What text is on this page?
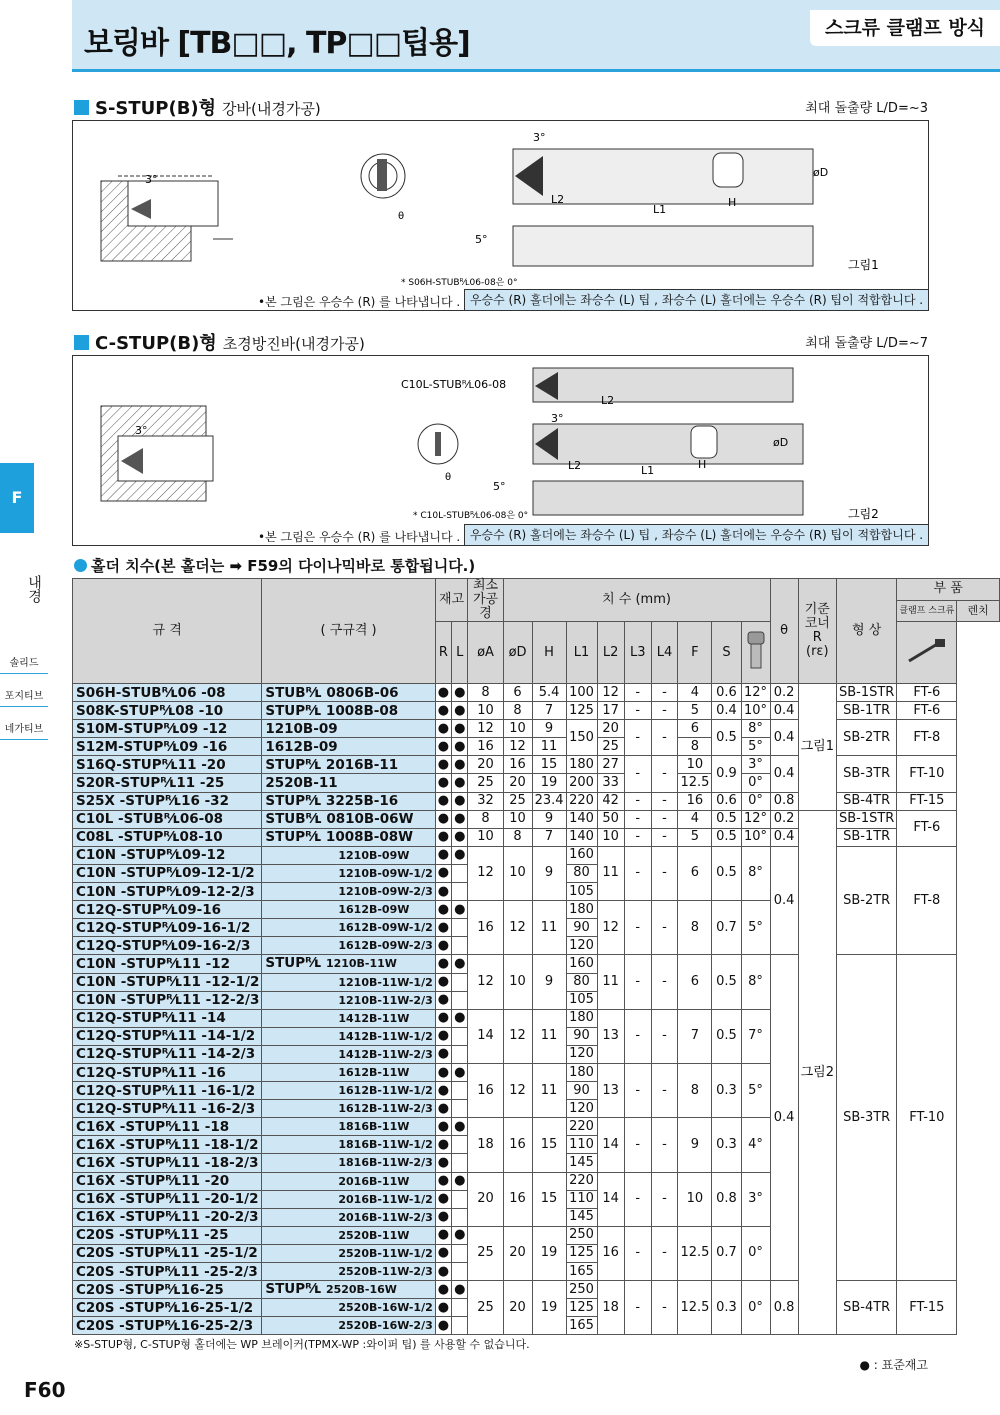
보링바 [TB□□, TP□□팁용]	스크류 클램프 방식
F
내경
솔리드
포지티브
네가티브
S-STUP(B)형 강바(내경가공)	최대 돌출량 L/D=~3
3°
θ
L1
L2	H
øD
3°
5°
그림1
* S06H-STUBᴿ⁄ʟ06-08은 0°
•본 그림은 우승수 (R) 를 나타냅니다 . 우승수 (R) 홀더에는 좌승수 (L) 팁 , 좌승수 (L) 홀더에는 우승수 (R) 팁이 적합합니다 .
C-STUP(B)형 초경방진바(내경가공)	최대 돌출량 L/D=~7
3°
C10L-STUBᴿ⁄ʟ06-08
L2
θ
L1
L2	H
øD
3°
5°
그림2
* C10L-STUBᴿ⁄ʟ06-08은 0°
•본 그림은 우승수 (R) 를 나타냅니다 . 우승수 (R) 홀더에는 좌승수 (L) 팁 , 좌승수 (L) 홀더에는 우승수 (R) 팁이 적합합니다 .
홀더 치수(본 홀더는 ➡ F59의 다이나믹바로 통합됩니다.)
규 격	( 구규격 )	재고		최소 가공경	치 수 (mm)									θ	기준코너 R (rε)	형 상	부 품	
																	클램프 스크류	렌치
		R	L	øA	øD	H	L1	L2	L3	L4	F	S		
S06H-STUBᴿ⁄ʟ06 -08	STUBᴿ⁄ʟ 0806B-06	●	●	8	6	5.4	100	12	-	-	4	0.6	12°	0.2	그림1	SB-1STR	FT-6	
S08K-STUPᴿ⁄ʟ08 -10	STUPᴿ⁄ʟ 1008B-08	●	●	10	8	7	125	17	-	-	5	0.4	10°	0.4		SB-1TR	FT-6	
S10M-STUPᴿ⁄ʟ09 -12	1210B-09	●	●	12	10	9	150	20	-	-	6	0.5	8°	0.4		SB-2TR	FT-8	
S12M-STUPᴿ⁄ʟ09 -16	1612B-09	●	●	16	12	11		25			8		5°					
S16Q-STUPᴿ⁄ʟ11 -20	STUPᴿ⁄ʟ 2016B-11	●	●	20	16	15	180	27	-	-	10	0.9	3°	0.4		SB-3TR	FT-10	
S20R-STUPᴿ⁄ʟ11 -25	2520B-11	●	●	25	20	19	200	33			12.5		0°					
S25X -STUPᴿ⁄ʟ16 -32	STUPᴿ⁄ʟ 3225B-16	●	●	32	25	23.4	220	42	-	-	16	0.6	0°	0.8		SB-4TR	FT-15	
C10L -STUBᴿ⁄ʟ06-08	STUBᴿ⁄ʟ 0810B-06W	●	●	8	10	9	140	50	-	-	4	0.5	12°	0.2	그림2	SB-1STR	FT-6	
C08L -STUPᴿ⁄ʟ08-10	STUPᴿ⁄ʟ 1008B-08W	●	●	10	8	7	140	10	-	-	5	0.5	10°	0.4		SB-1TR		
C10N -STUPᴿ⁄ʟ09-12	1210B-09W	●	●	12	10	9	160	11	-	-	6	0.5	8°	0.4		SB-2TR	FT-8	
C10N -STUPᴿ⁄ʟ09-12-1/2	1210B-09W-1/2	●					80											
C10N -STUPᴿ⁄ʟ09-12-2/3	1210B-09W-2/3	●					105											
C12Q-STUPᴿ⁄ʟ09-16	1612B-09W	●	●	16	12	11	180	12	-	-	8	0.7	5°					
C12Q-STUPᴿ⁄ʟ09-16-1/2	1612B-09W-1/2	●					90											
C12Q-STUPᴿ⁄ʟ09-16-2/3	1612B-09W-2/3	●					120											
C10N -STUPᴿ⁄ʟ11 -12	STUPᴿ⁄ʟ 1210B-11W	●	●	12	10	9	160	11	-	-	6	0.5	8°	0.4		SB-3TR	FT-10	
C10N -STUPᴿ⁄ʟ11 -12-1/2	1210B-11W-1/2	●					80											
C10N -STUPᴿ⁄ʟ11 -12-2/3	1210B-11W-2/3	●					105											
C12Q-STUPᴿ⁄ʟ11 -14	1412B-11W	●	●	14	12	11	180	13	-	-	7	0.5	7°					
C12Q-STUPᴿ⁄ʟ11 -14-1/2	1412B-11W-1/2	●					90											
C12Q-STUPᴿ⁄ʟ11 -14-2/3	1412B-11W-2/3	●					120											
C12Q-STUPᴿ⁄ʟ11 -16	1612B-11W	●	●	16	12	11	180	13	-	-	8	0.3	5°					
C12Q-STUPᴿ⁄ʟ11 -16-1/2	1612B-11W-1/2	●					90											
C12Q-STUPᴿ⁄ʟ11 -16-2/3	1612B-11W-2/3	●					120											
C16X -STUPᴿ⁄ʟ11 -18	1816B-11W	●	●	18	16	15	220	14	-	-	9	0.3	4°					
C16X -STUPᴿ⁄ʟ11 -18-1/2	1816B-11W-1/2	●					110											
C16X -STUPᴿ⁄ʟ11 -18-2/3	1816B-11W-2/3	●					145											
C16X -STUPᴿ⁄ʟ11 -20	2016B-11W	●	●	20	16	15	220	14	-	-	10	0.8	3°					
C16X -STUPᴿ⁄ʟ11 -20-1/2	2016B-11W-1/2	●					110											
C16X -STUPᴿ⁄ʟ11 -20-2/3	2016B-11W-2/3	●					145											
C20S -STUPᴿ⁄ʟ11 -25	2520B-11W	●	●	25	20	19	250	16	-	-	12.5	0.7	0°					
C20S -STUPᴿ⁄ʟ11 -25-1/2	2520B-11W-1/2	●					125											
C20S -STUPᴿ⁄ʟ11 -25-2/3	2520B-11W-2/3	●					165											
C20S -STUPᴿ⁄ʟ16-25	STUPᴿ⁄ʟ 2520B-16W	●	●	25	20	19	250	18	-	-	12.5	0.3	0°	0.8		SB-4TR	FT-15	
C20S -STUPᴿ⁄ʟ16-25-1/2	2520B-16W-1/2	●					125											
C20S -STUPᴿ⁄ʟ16-25-2/3	2520B-16W-2/3	●					165											
※S-STUP형, C-STUP형 홀더에는 WP 브레이커(TPMX-WP :와이퍼 팁) 를 사용할 수 없습니다.
● : 표준재고
F60
